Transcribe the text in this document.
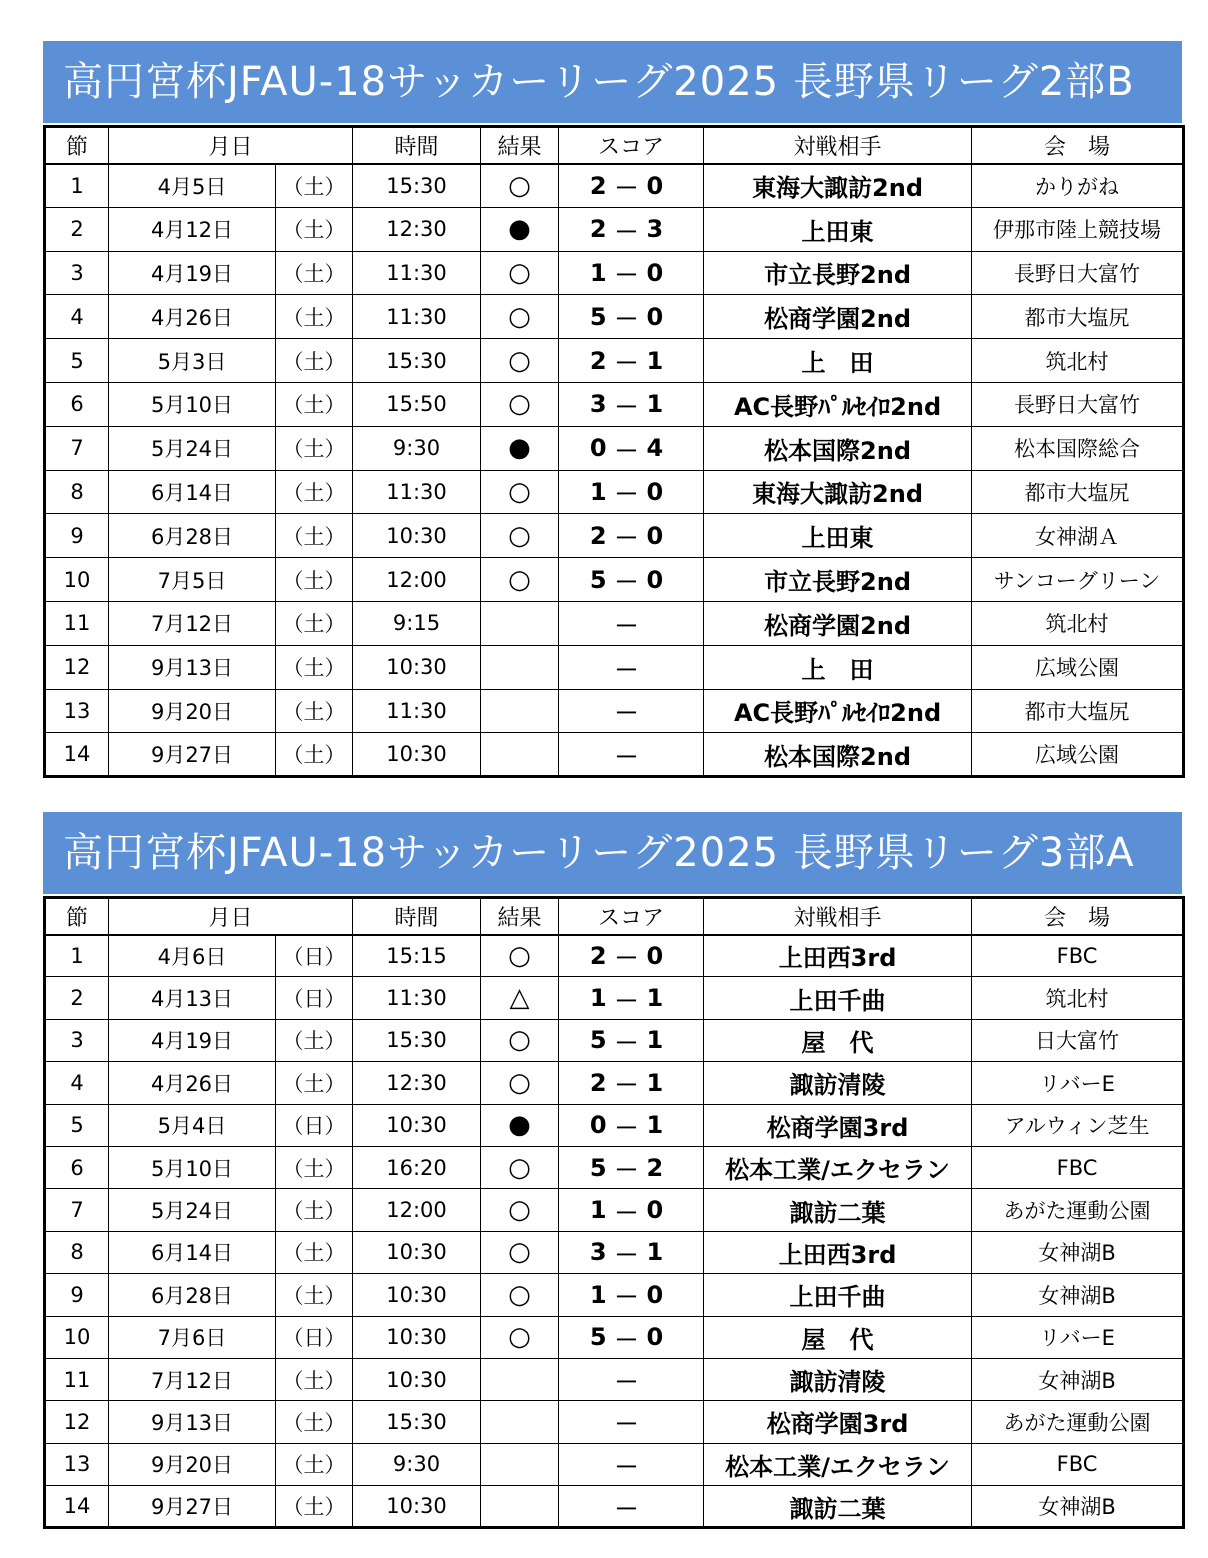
高円宮杯JFAU-18サッカーリーグ2025 長野県リーグ2部B
節	月日		時間	結果	スコア			対戦相手	会　場
1	4月5日	（土）	15:30	○	2	－	0	東海大諏訪2nd	かりがね
2	4月12日	（土）	12:30	●	2	－	3	上田東	伊那市陸上競技場
3	4月19日	（土）	11:30	○	1	－	0	市立長野2nd	長野日大富竹
4	4月26日	（土）	11:30	○	5	－	0	松商学園2nd	都市大塩尻
5	5月3日	（土）	15:30	○	2	－	1	上　田	筑北村
6	5月10日	（土）	15:50	○	3	－	1	AC長野ﾊﾟﾙｾｲﾛ2nd	長野日大富竹
7	5月24日	（土）	9:30	●	0	－	4	松本国際2nd	松本国際総合
8	6月14日	（土）	11:30	○	1	－	0	東海大諏訪2nd	都市大塩尻
9	6月28日	（土）	10:30	○	2	－	0	上田東	女神湖Ａ
10	7月5日	（土）	12:00	○	5	－	0	市立長野2nd	サンコーグリーン
11	7月12日	（土）	9:15			－		松商学園2nd	筑北村
12	9月13日	（土）	10:30			－		上　田	広域公園
13	9月20日	（土）	11:30			－		AC長野ﾊﾟﾙｾｲﾛ2nd	都市大塩尻
14	9月27日	（土）	10:30			－		松本国際2nd	広域公園
高円宮杯JFAU-18サッカーリーグ2025 長野県リーグ3部A
節	月日		時間	結果	スコア			対戦相手	会　場
1	4月6日	（日）	15:15	○	2	－	0	上田西3rd	FBC
2	4月13日	（日）	11:30	△	1	－	1	上田千曲	筑北村
3	4月19日	（土）	15:30	○	5	－	1	屋　代	日大富竹
4	4月26日	（土）	12:30	○	2	－	1	諏訪清陵	リバーE
5	5月4日	（日）	10:30	●	0	－	1	松商学園3rd	アルウィン芝生
6	5月10日	（土）	16:20	○	5	－	2	松本工業/エクセラン	FBC
7	5月24日	（土）	12:00	○	1	－	0	諏訪二葉	あがた運動公園
8	6月14日	（土）	10:30	○	3	－	1	上田西3rd	女神湖B
9	6月28日	（土）	10:30	○	1	－	0	上田千曲	女神湖B
10	7月6日	（日）	10:30	○	5	－	0	屋　代	リバーE
11	7月12日	（土）	10:30			－		諏訪清陵	女神湖B
12	9月13日	（土）	15:30			－		松商学園3rd	あがた運動公園
13	9月20日	（土）	9:30			－		松本工業/エクセラン	FBC
14	9月27日	（土）	10:30			－		諏訪二葉	女神湖B
